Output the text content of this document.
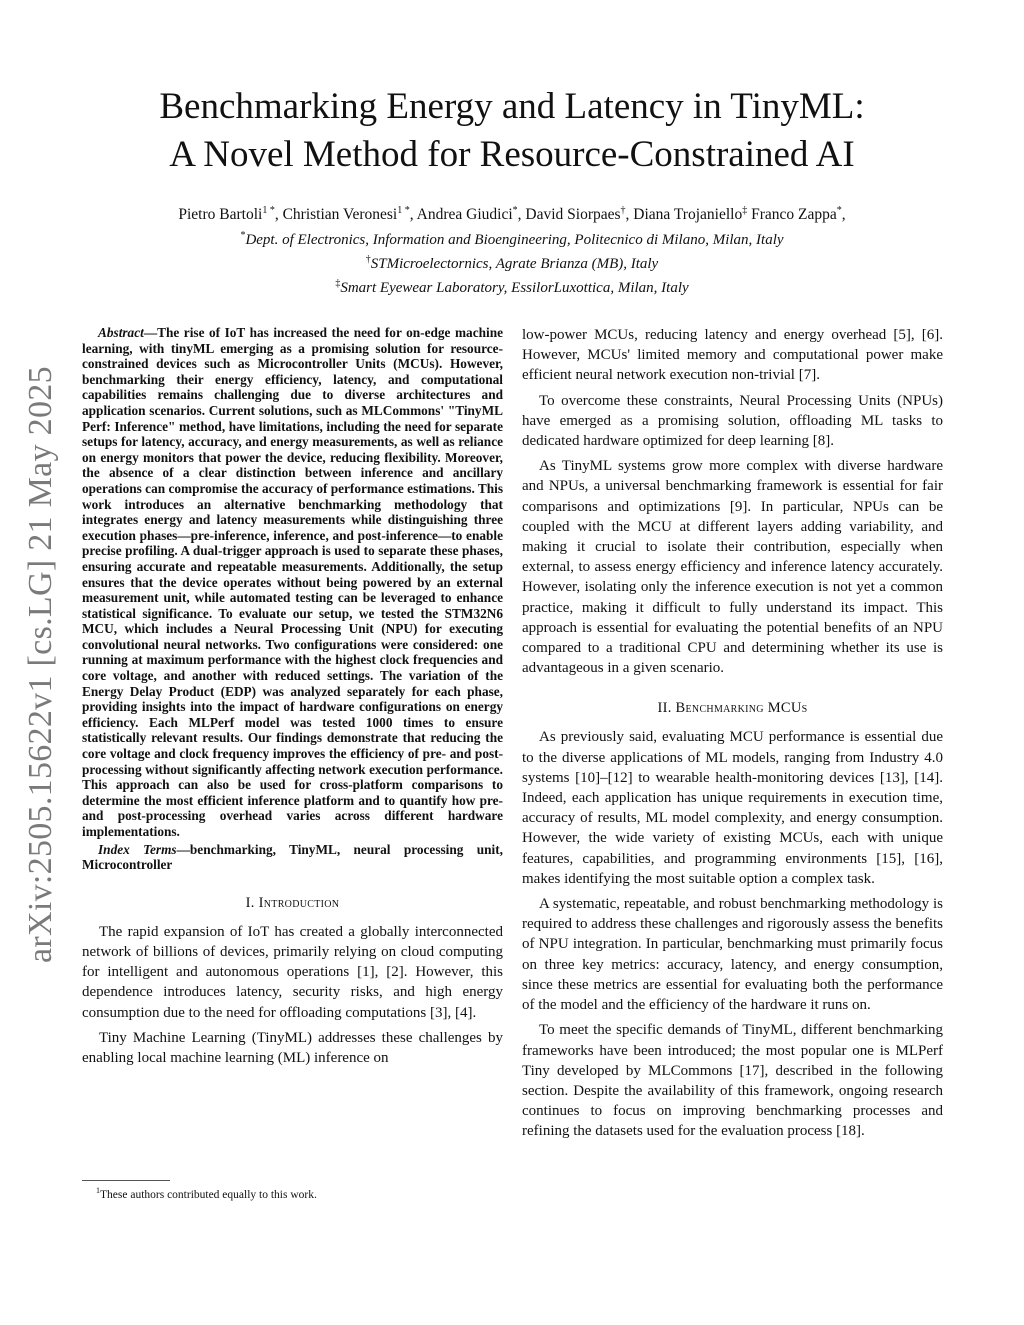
arXiv:2505.15622v1 [cs.LG] 21 May 2025
Benchmarking Energy and Latency in TinyML:
A Novel Method for Resource-Constrained AI
Pietro Bartoli$^{1 *}$, Christian Veronesi$^{1 *}$, Andrea Giudici*, David Siorpaes†, Diana Trojaniello‡ Franco Zappa*,
*Dept. of Electronics, Information and Bioengineering, Politecnico di Milano, Milan, Italy
†STMicroelectornics, Agrate Brianza (MB), Italy
‡Smart Eyewear Laboratory, EssilorLuxottica, Milan, Italy

Abstract—The rise of IoT has increased the need for on-edge machine learning, with tinyML emerging as a promising solution for resource-constrained devices such as Microcontroller Units (MCUs). However, benchmarking their energy efficiency, latency, and computational capabilities remains challenging due to diverse architectures and application scenarios. Current solutions, such as MLCommons' "TinyML Perf: Inference" method, have limitations, including the need for separate setups for latency, accuracy, and energy measurements, as well as reliance on energy monitors that power the device, reducing flexibility. Moreover, the absence of a clear distinction between inference and ancillary operations can compromise the accuracy of performance estimations. This work introduces an alternative benchmarking methodology that integrates energy and latency measurements while distinguishing three execution phases—pre-inference, inference, and post-inference—to enable precise profiling. A dual-trigger approach is used to separate these phases, ensuring accurate and repeatable measurements. Additionally, the setup ensures that the device operates without being powered by an external measurement unit, while automated testing can be leveraged to enhance statistical significance. To evaluate our setup, we tested the STM32N6 MCU, which includes a Neural Processing Unit (NPU) for executing convolutional neural networks. Two configurations were considered: one running at maximum performance with the highest clock frequencies and core voltage, and another with reduced settings. The variation of the Energy Delay Product (EDP) was analyzed separately for each phase, providing insights into the impact of hardware configurations on energy efficiency. Each MLPerf model was tested 1000 times to ensure statistically relevant results. Our findings demonstrate that reducing the core voltage and clock frequency improves the efficiency of pre- and post-processing without significantly affecting network execution performance. This approach can also be used for cross-platform comparisons to determine the most efficient inference platform and to quantify how pre- and post-processing overhead varies across different hardware implementations.

Index Terms—benchmarking, TinyML, neural processing unit, Microcontroller

I. Introduction

The rapid expansion of IoT has created a globally interconnected network of billions of devices, primarily relying on cloud computing for intelligent and autonomous operations [1], [2]. However, this dependence introduces latency, security risks, and high energy consumption due to the need for offloading computations [3], [4].

Tiny Machine Learning (TinyML) addresses these challenges by enabling local machine learning (ML) inference on

low-power MCUs, reducing latency and energy overhead [5], [6]. However, MCUs' limited memory and computational power make efficient neural network execution non-trivial [7].

To overcome these constraints, Neural Processing Units (NPUs) have emerged as a promising solution, offloading ML tasks to dedicated hardware optimized for deep learning [8].

As TinyML systems grow more complex with diverse hardware and NPUs, a universal benchmarking framework is essential for fair comparisons and optimizations [9]. In particular, NPUs can be coupled with the MCU at different layers adding variability, and making it crucial to isolate their contribution, especially when external, to assess energy efficiency and inference latency accurately. However, isolating only the inference execution is not yet a common practice, making it difficult to fully understand its impact. This approach is essential for evaluating the potential benefits of an NPU compared to a traditional CPU and determining whether its use is advantageous in a given scenario.

II. Benchmarking MCUs

As previously said, evaluating MCU performance is essential due to the diverse applications of ML models, ranging from Industry 4.0 systems [10]–[12] to wearable health-monitoring devices [13], [14]. Indeed, each application has unique requirements in execution time, accuracy of results, ML model complexity, and energy consumption. However, the wide variety of existing MCUs, each with unique features, capabilities, and programming environments [15], [16], makes identifying the most suitable option a complex task.

A systematic, repeatable, and robust benchmarking methodology is required to address these challenges and rigorously assess the benefits of NPU integration. In particular, benchmarking must primarily focus on three key metrics: accuracy, latency, and energy consumption, since these metrics are essential for evaluating both the performance of the model and the efficiency of the hardware it runs on.

To meet the specific demands of TinyML, different benchmarking frameworks have been introduced; the most popular one is MLPerf Tiny developed by MLCommons [17], described in the following section. Despite the availability of this framework, ongoing research continues to focus on improving benchmarking processes and refining the datasets used for the evaluation process [18].

$^1$These authors contributed equally to this work.
